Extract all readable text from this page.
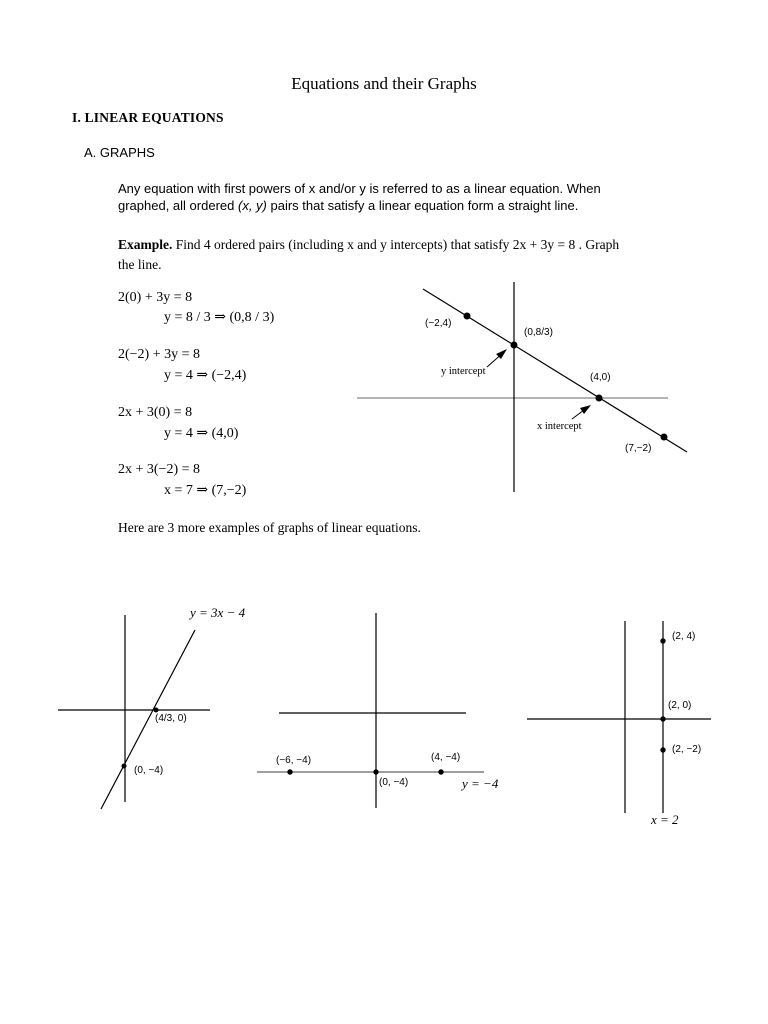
Equations and their Graphs
I. LINEAR EQUATIONS
A. GRAPHS
Any equation with first powers of x and/or y is referred to as a linear equation. When
graphed, all ordered (x, y) pairs that satisfy a linear equation form a straight line.
Example. Find 4 ordered pairs (including x and y intercepts) that satisfy 2x + 3y = 8 . Graph
the line.
2(0) + 3y = 8
y = 8 / 3 ⇒ (0,8 / 3)
2(−2) + 3y = 8
y = 4 ⇒ (−2,4)
2x + 3(0) = 8
y = 4 ⇒ (4,0)
2x + 3(−2) = 8
x = 7 ⇒ (7,−2)
(−2,4)
(0,8/3)
(4,0)
(7,−2)
y intercept
x intercept
Here are 3 more examples of graphs of linear equations.
y = 3x − 4
(4/3, 0)
(0, −4)
(−6, −4)	(4, −4)
(0, −4)	y = −4
(2, 4)
(2, 0)
(2, −2)
x = 2
